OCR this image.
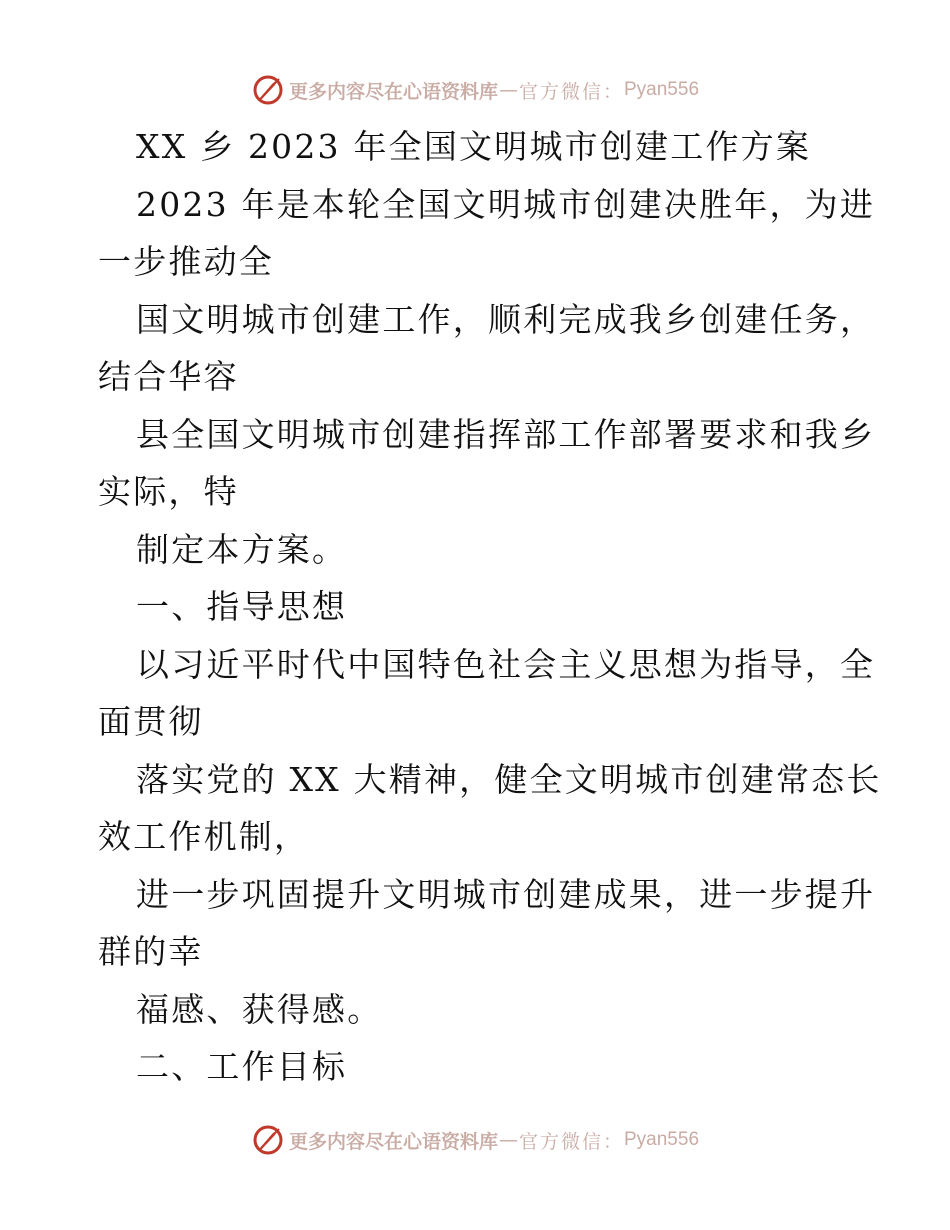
更多内容尽在心语资料库 — 官方微信： Pyan556
XX 乡 2023 年全国文明城市创建工作方案
2023 年是本轮全国文明城市创建决胜年，为进
一步推动全
国文明城市创建工作，顺利完成我乡创建任务，
结合华容
县全国文明城市创建指挥部工作部署要求和我乡
实际，特
制定本方案。
一、指导思想
以习近平时代中国特色社会主义思想为指导，全
面贯彻
落实党的 XX 大精神，健全文明城市创建常态长
效工作机制，
进一步巩固提升文明城市创建成果，进一步提升
群的幸
福感、获得感。
二、工作目标
更多内容尽在心语资料库 — 官方微信： Pyan556
